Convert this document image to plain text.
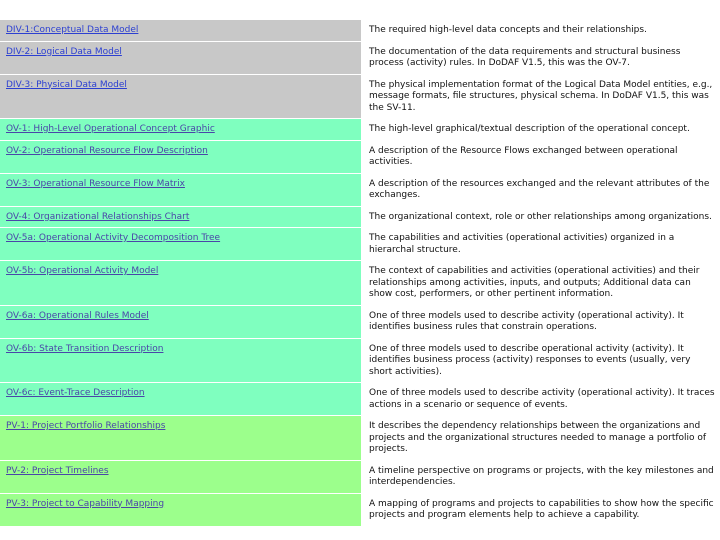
DIV-1:Conceptual Data Model	The required high-level data concepts and their relationships.
DIV-2: Logical Data Model	The documentation of the data requirements and structural business process (activity) rules. In DoDAF V1.5, this was the OV-7.
DIV-3: Physical Data Model	The physical implementation format of the Logical Data Model entities, e.g., message formats, file structures, physical schema. In DoDAF V1.5, this was the SV-11.
OV-1: High-Level Operational Concept Graphic	The high-level graphical/textual description of the operational concept.
OV-2: Operational Resource Flow Description	A description of the Resource Flows exchanged between operational activities.
OV-3: Operational Resource Flow Matrix	A description of the resources exchanged and the relevant attributes of the exchanges.
OV-4: Organizational Relationships Chart	The organizational context, role or other relationships among organizations.
OV-5a: Operational Activity Decomposition Tree	The capabilities and activities (operational activities) organized in a hierarchal structure.
OV-5b: Operational Activity Model	The context of capabilities and activities (operational activities) and their relationships among activities, inputs, and outputs; Additional data can show cost, performers, or other pertinent information.
OV-6a: Operational Rules Model	One of three models used to describe activity (operational activity). It identifies business rules that constrain operations.
OV-6b: State Transition Description	One of three models used to describe operational activity (activity). It identifies business process (activity) responses to events (usually, very short activities).
OV-6c: Event-Trace Description	One of three models used to describe activity (operational activity). It traces actions in a scenario or sequence of events.
PV-1: Project Portfolio Relationships	It describes the dependency relationships between the organizations and projects and the organizational structures needed to manage a portfolio of projects.
PV-2: Project Timelines	A timeline perspective on programs or projects, with the key milestones and interdependencies.
PV-3: Project to Capability Mapping	A mapping of programs and projects to capabilities to show how the specific projects and program elements help to achieve a capability.
